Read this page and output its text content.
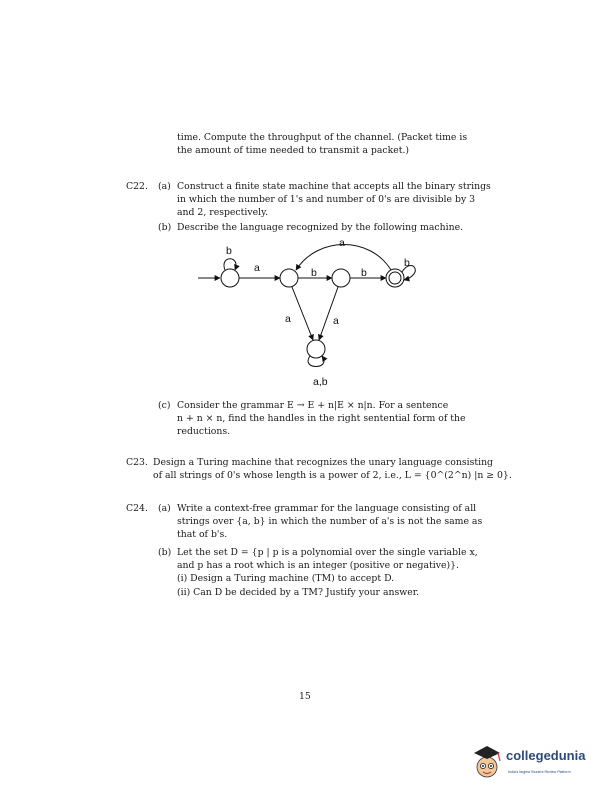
time. Compute the throughput of the channel. (Packet time is
the amount of time needed to transmit a packet.)
C22. (a) Construct a finite state machine that accepts all the binary strings
in which the number of 1's and number of 0's are divisible by 3
and 2, respectively.
(b) Describe the language recognized by the following machine.
b
a	b	b
a
b
a	a
a,b
(c) Consider the grammar E → E + n|E × n|n. For a sentence
n + n × n, find the handles in the right sentential form of the
reductions.
C23. Design a Turing machine that recognizes the unary language consisting
of all strings of 0's whose length is a power of 2, i.e., L = {0^(2^n) |n ≥ 0}.
C24. (a) Write a context-free grammar for the language consisting of all
strings over {a, b} in which the number of a's is not the same as
that of b's.
(b) Let the set D = {p | p is a polynomial over the single variable x,
and p has a root which is an integer (positive or negative)}.
(i) Design a Turing machine (TM) to accept D.
(ii) Can D be decided by a TM? Justify your answer.
15
collegedunia
India's largest Student Review Platform
